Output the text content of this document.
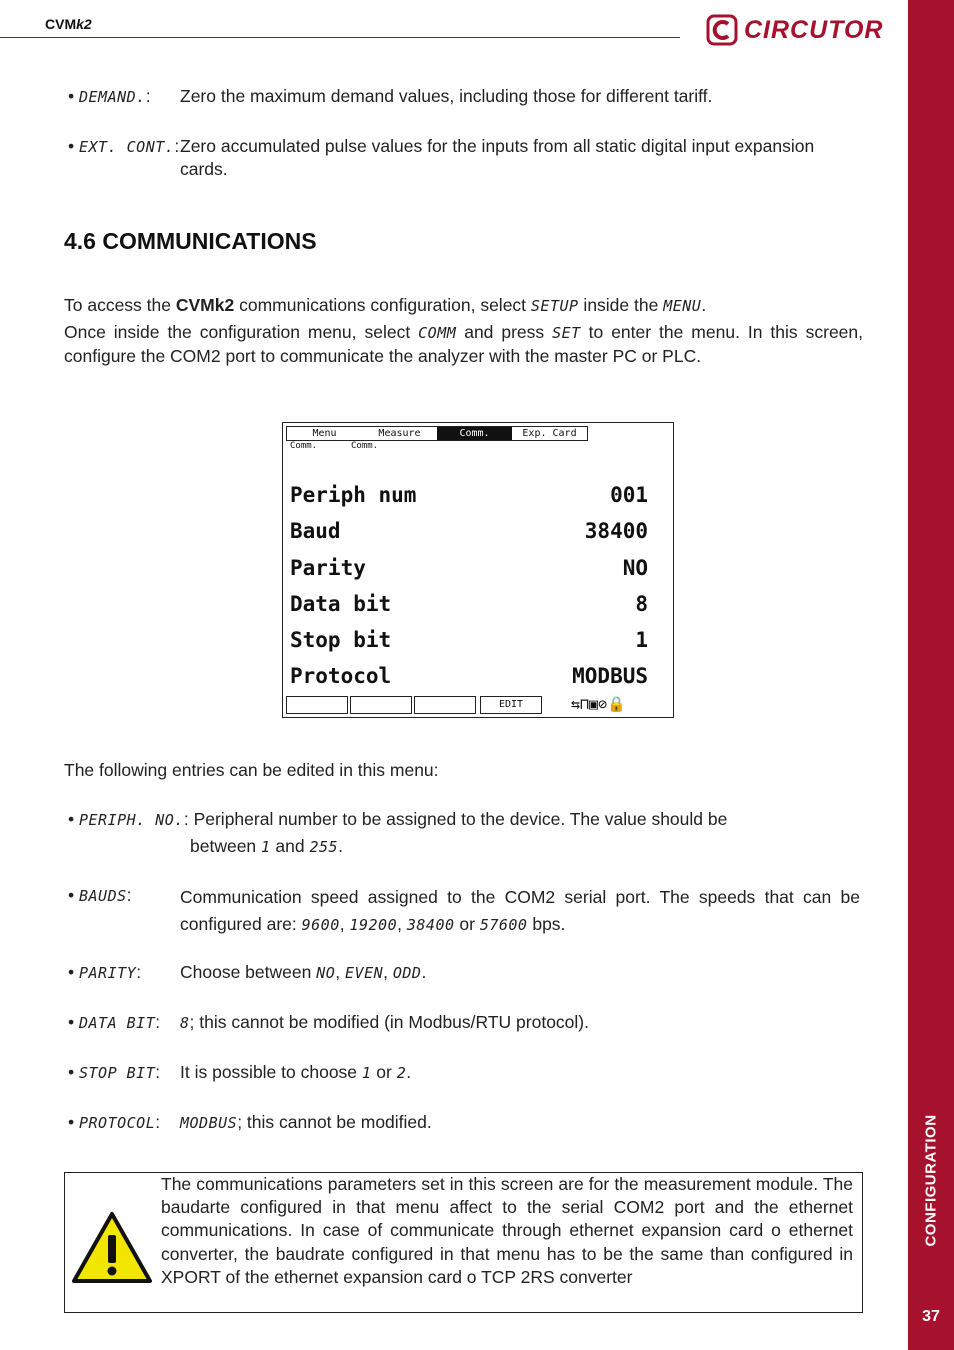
CVMk2	CIRCUTOR
CONFIGURATION
37
• DEMAND.: Zero the maximum demand values, including those for different tariff.
• EXT. CONT.: Zero accumulated pulse values for the inputs from all static digital input expansion cards.
4.6 COMMUNICATIONS
To access the CVMk2 communications configuration, select SETUP inside the MENU.
Once inside the configuration menu, select COMM and press SET to enter the menu. In this screen, configure the COM2 port to communicate the analyzer with the master PC or PLC.
Menu	Measure	Comm.	Exp. Card
Comm.	Comm.
Periph num	001
Baud	38400
Parity	NO
Data bit	8
Stop bit	1
Protocol	MODBUS
EDIT	⇆⊓▣⊘🔒
The following entries can be edited in this menu:
• PERIPH. NO.: Peripheral number to be assigned to the device. The value should be
between 1 and 255.
• BAUDS:	Communication speed assigned to the COM2 serial port. The speeds that can be configured are: 9600, 19200, 38400 or 57600 bps.
• PARITY: Choose between NO, EVEN, ODD.
• DATA BIT: 8; this cannot be modified (in Modbus/RTU protocol).
• STOP BIT: It is possible to choose 1 or 2.
• PROTOCOL: MODBUS; this cannot be modified.
The communications parameters set in this screen are for the measurement module. The baudarte configured in that menu affect to the serial COM2 port and the ethernet communications. In case of communicate through ethernet expansion card o ethernet converter, the baudrate configured in that menu has to be the same than configured in XPORT of the ethernet expansion card o TCP 2RS converter
